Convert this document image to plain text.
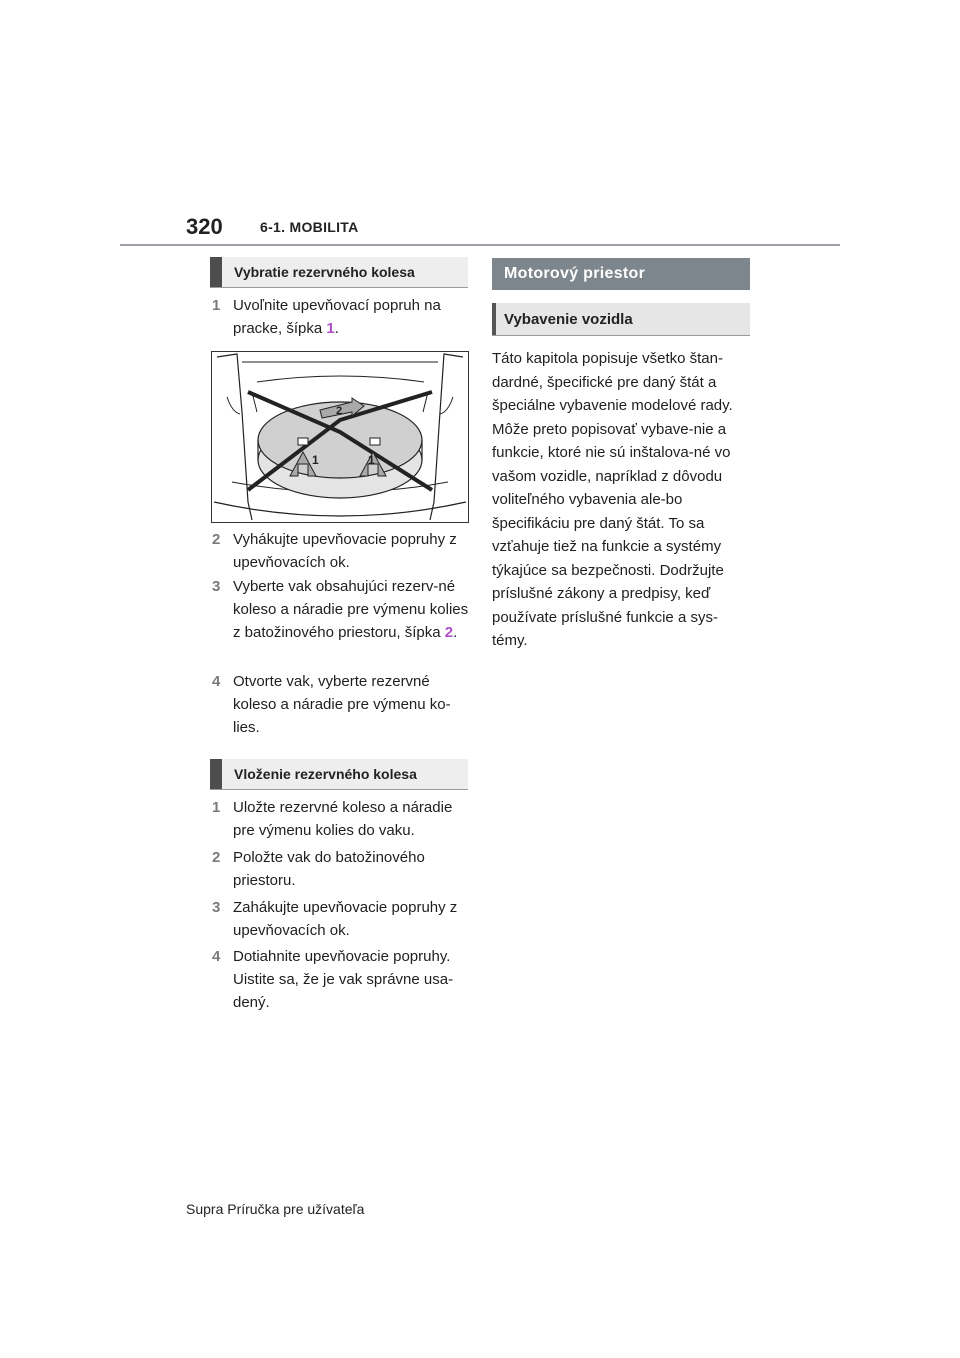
320	6-1. MOBILITA
Vybratie rezervného kolesa
1 Uvoľnite upevňovací popruh na pracke, šípka 1.
1	1
2
2 Vyhákujte upevňovacie popruhy z upevňovacích ok.
3 Vyberte vak obsahujúci rezerv-né koleso a náradie pre výmenu kolies z batožinového priestoru, šípka 2.
4 Otvorte vak, vyberte rezervné koleso a náradie pre výmenu ko-lies.
Vloženie rezervného kolesa
1 Uložte rezervné koleso a náradie pre výmenu kolies do vaku.
2 Položte vak do batožinového priestoru.
3 Zahákujte upevňovacie popruhy z upevňovacích ok.
4 Dotiahnite upevňovacie popruhy. Uistite sa, že je vak správne usa-dený.
Motorový priestor
Vybavenie vozidla
Táto kapitola popisuje všetko štan-dardné, špecifické pre daný štát a špeciálne vybavenie modelové rady. Môže preto popisovať vybave-nie a funkcie, ktoré nie sú inštalova-né vo vašom vozidle, napríklad z dôvodu voliteľného vybavenia ale-bo špecifikáciu pre daný štát. To sa vzťahuje tiež na funkcie a systémy týkajúce sa bezpečnosti. Dodržujte príslušné zákony a predpisy, keď používate príslušné funkcie a sys-témy.
Supra Príručka pre užívateľa
